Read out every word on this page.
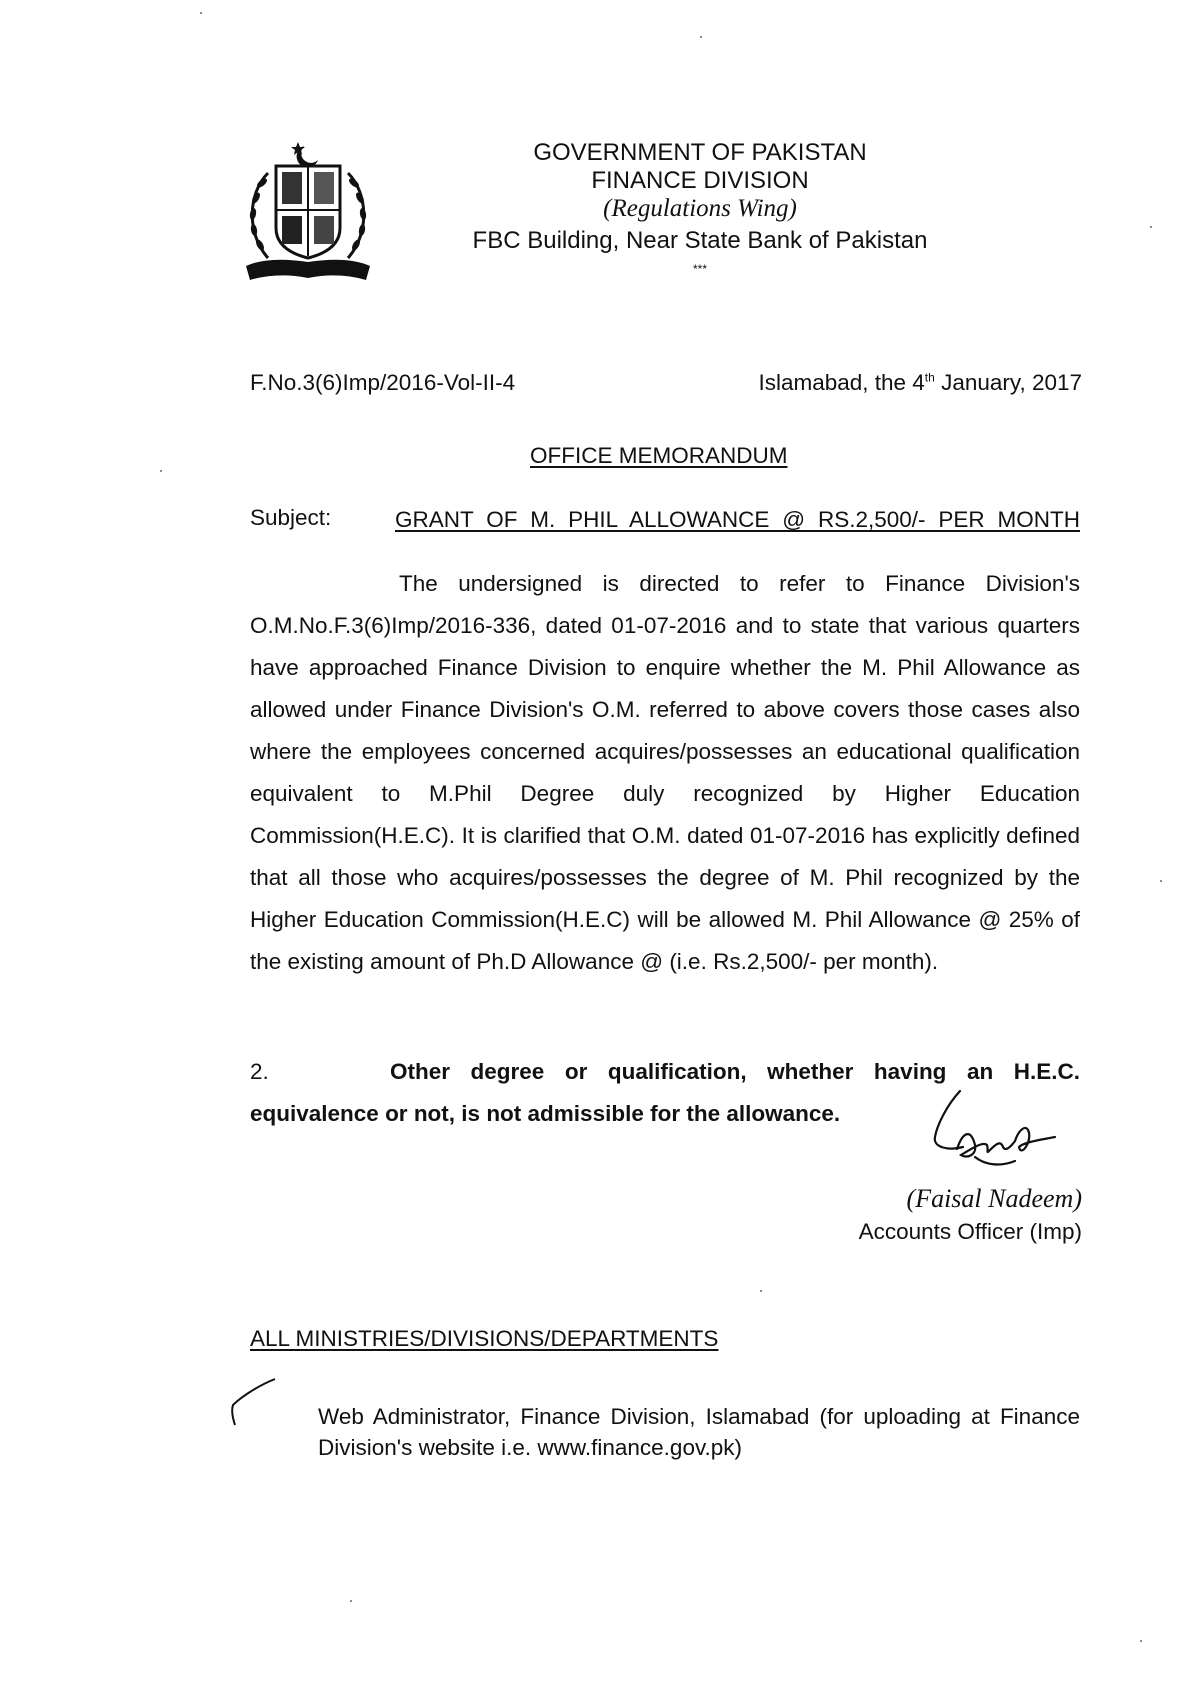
GOVERNMENT OF PAKISTAN
FINANCE DIVISION
(Regulations Wing)
FBC Building, Near State Bank of Pakistan
***
F.No.3(6)Imp/2016-Vol-II-4	Islamabad, the 4th January, 2017
OFFICE MEMORANDUM
Subject:	GRANT OF M. PHIL ALLOWANCE @ RS.2,500/- PER MONTH
The undersigned is directed to refer to Finance Division's O.M.No.F.3(6)Imp/2016-336, dated 01-07-2016 and to state that various quarters have approached Finance Division to enquire whether the M. Phil Allowance as allowed under Finance Division's O.M. referred to above covers those cases also where the employees concerned acquires/possesses an educational qualification equivalent to M.Phil Degree duly recognized by Higher Education Commission(H.E.C). It is clarified that O.M. dated 01-07-2016 has explicitly defined that all those who acquires/possesses the degree of M. Phil recognized by the Higher Education Commission(H.E.C) will be allowed M. Phil Allowance @ 25% of the existing amount of Ph.D Allowance @ (i.e. Rs.2,500/- per month).
2.	Other degree or qualification, whether having an H.E.C. equivalence or not, is not admissible for the allowance.
(Faisal Nadeem)
Accounts Officer (Imp)
ALL MINISTRIES/DIVISIONS/DEPARTMENTS
Web Administrator, Finance Division, Islamabad (for uploading at Finance Division's website i.e. www.finance.gov.pk)
